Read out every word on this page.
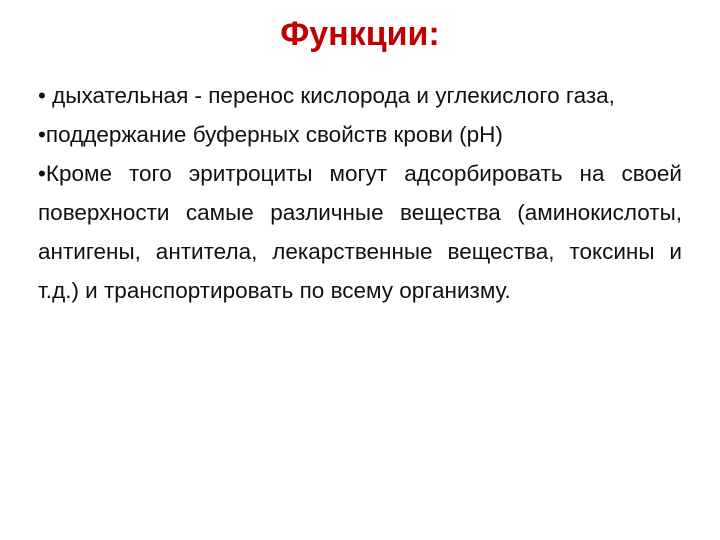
Функции:

• дыхательная - перенос кислорода и углекислого газа,

•поддержание буферных свойств крови (рН)

•Кроме того эритроциты могут адсорбировать на своей поверхности самые различные вещества (аминокислоты, антигены, антитела, лекарственные вещества, токсины и т.д.) и транспортировать по всему организму.
